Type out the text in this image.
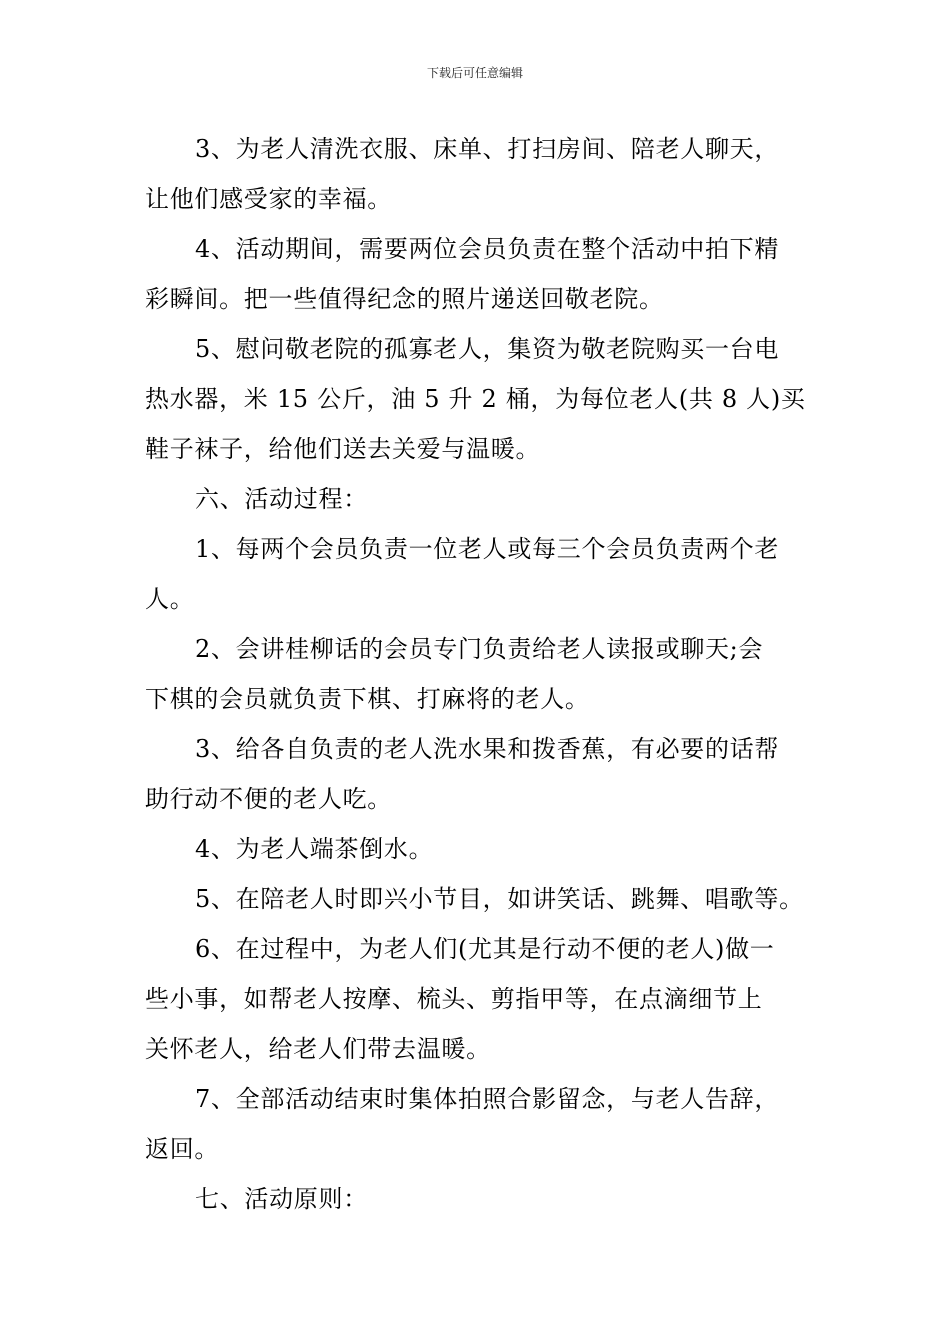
下载后可任意编辑
3、为老人清洗衣服、床单、打扫房间、陪老人聊天，
让他们感受家的幸福。
4、活动期间，需要两位会员负责在整个活动中拍下精
彩瞬间。把一些值得纪念的照片递送回敬老院。
5、慰问敬老院的孤寡老人，集资为敬老院购买一台电
热水器，米 15 公斤，油 5 升 2 桶，为每位老人(共 8 人)买
鞋子袜子，给他们送去关爱与温暖。
六、活动过程：
1、每两个会员负责一位老人或每三个会员负责两个老
人。
2、会讲桂柳话的会员专门负责给老人读报或聊天;会
下棋的会员就负责下棋、打麻将的老人。
3、给各自负责的老人洗水果和拨香蕉，有必要的话帮
助行动不便的老人吃。
4、为老人端茶倒水。
5、在陪老人时即兴小节目，如讲笑话、跳舞、唱歌等。
6、在过程中，为老人们(尤其是行动不便的老人)做一
些小事，如帮老人按摩、梳头、剪指甲等，在点滴细节上
关怀老人，给老人们带去温暖。
7、全部活动结束时集体拍照合影留念，与老人告辞，
返回。
七、活动原则：
